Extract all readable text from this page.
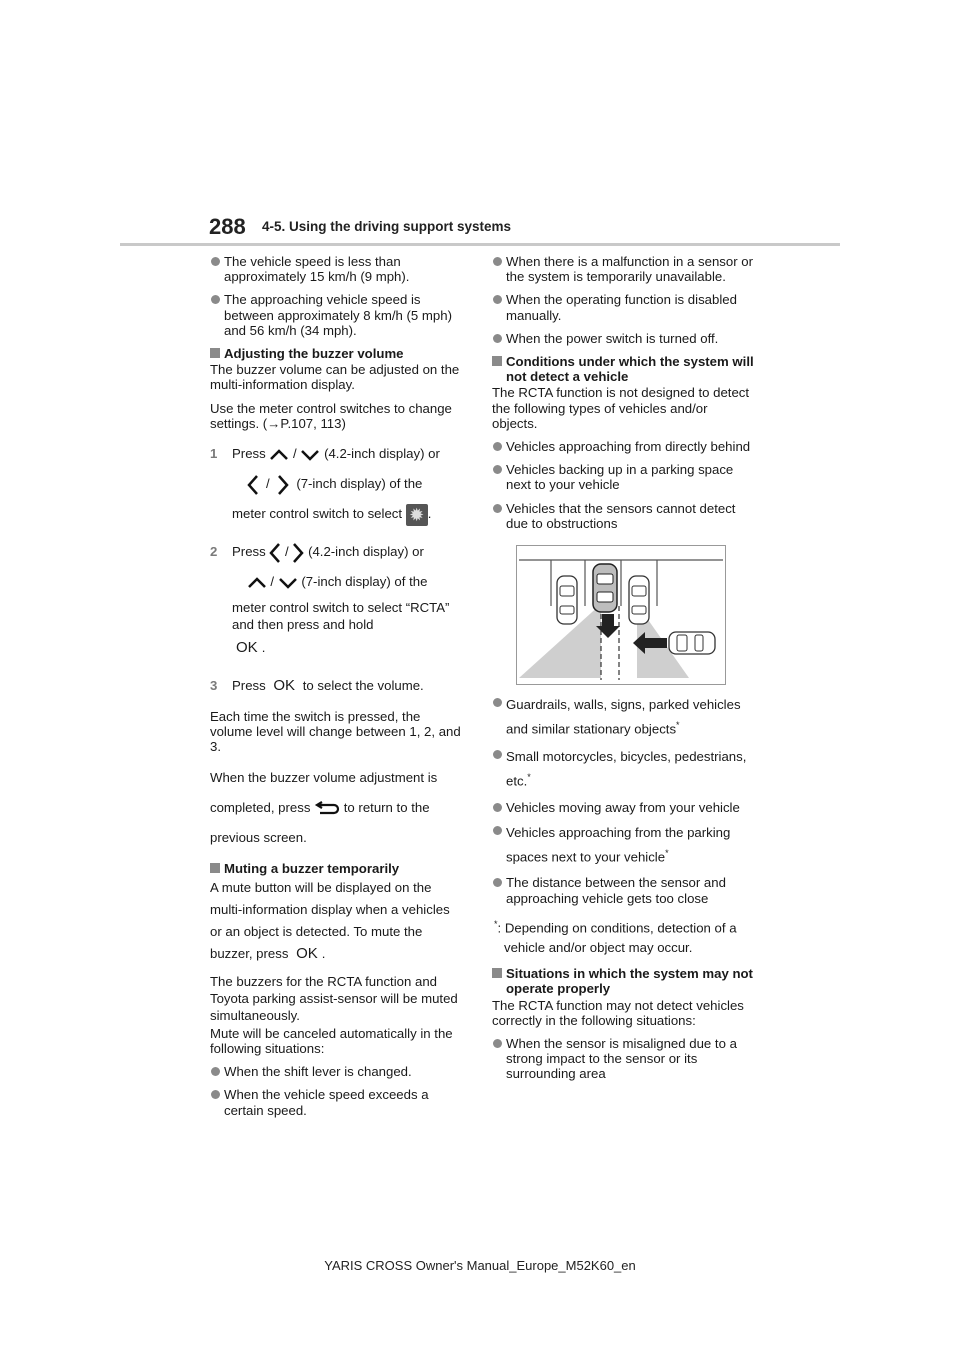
288 4-5. Using the driving support systems
The vehicle speed is less than approximately 15 km/h (9 mph).
The approaching vehicle speed is between approximately 8 km/h (5 mph) and 56 km/h (34 mph).
Adjusting the buzzer volume

The buzzer volume can be adjusted on the multi-information display.

Use the meter control switches to change settings. (→P.107, 113)

1 Press  /  (4.2-inch display) or
/    (7-inch display) of the
meter control switch to select ✹ .
2 Press  /  (4.2-inch display) or
/  (7-inch display) of the
meter control switch to select “RCTA” and then press and hold
OK .
3 Press OK to select the volume.

Each time the switch is pressed, the volume level will change between 1, 2, and 3.

When the buzzer volume adjustment is completed, press	to return to the previous screen.

Muting a buzzer temporarily

A mute button will be displayed on the multi-information display when a vehicles or an object is detected. To mute the buzzer, press OK .

The buzzers for the RCTA function and Toyota parking assist-sensor will be muted simultaneously.

Mute will be canceled automatically in the following situations:

When the shift lever is changed.
When the vehicle speed exceeds a certain speed.
When there is a malfunction in a sensor or the system is temporarily unavailable.
When the operating function is disabled manually.
When the power switch is turned off.
Conditions under which the system will not detect a vehicle

The RCTA function is not designed to detect the following types of vehicles and/or objects.

Vehicles approaching from directly behind
Vehicles backing up in a parking space next to your vehicle
Vehicles that the sensors cannot detect due to obstructions
Guardrails, walls, signs, parked vehicles and similar stationary objects*
Small motorcycles, bicycles, pedestrians, etc.*
Vehicles moving away from your vehicle
Vehicles approaching from the parking spaces next to your vehicle*
The distance between the sensor and approaching vehicle gets too close
*: Depending on conditions, detection of a vehicle and/or object may occur.
Situations in which the system may not operate properly

The RCTA function may not detect vehicles correctly in the following situations:

When the sensor is misaligned due to a strong impact to the sensor or its surrounding area
YARIS CROSS Owner's Manual_Europe_M52K60_en
